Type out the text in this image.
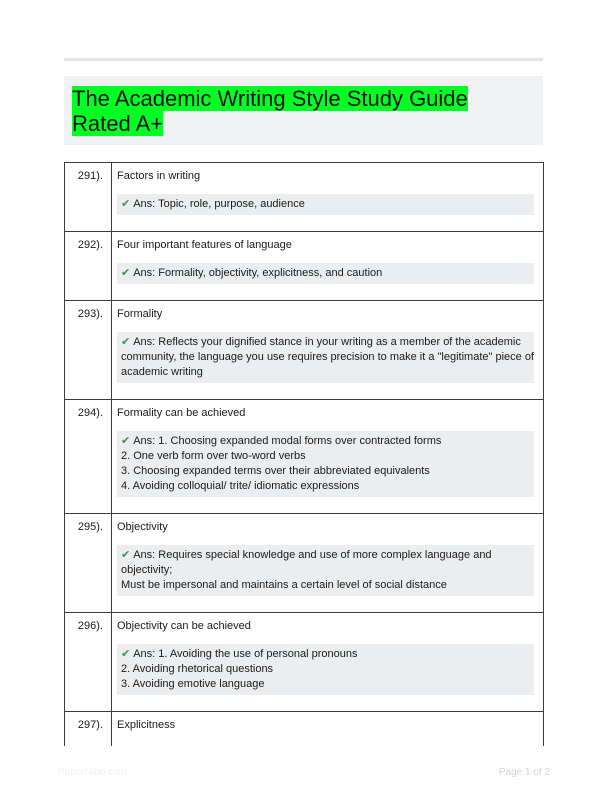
The Academic Writing Style Study Guide Rated A+
291).	Factors in writing
✔ Ans: Topic, role, purpose, audience
292).	Four important features of language
✔ Ans: Formality, objectivity, explicitness, and caution
293).	Formality
✔ Ans: Reflects your dignified stance in your writing as a member of the academic
community, the language you use requires precision to make it a "legitimate" piece of
academic writing
294).	Formality can be achieved
✔ Ans: 1. Choosing expanded modal forms over contracted forms
2. One verb form over two-word verbs
3. Choosing expanded terms over their abbreviated equivalents
4. Avoiding colloquial/ trite/ idiomatic expressions
295).	Objectivity
✔ Ans: Requires special knowledge and use of more complex language and
objectivity;
Must be impersonal and maintains a certain level of social distance
296).	Objectivity can be achieved
✔ Ans: 1. Avoiding the use of personal pronouns
2. Avoiding rhetorical questions
3. Avoiding emotive language
297).	Explicitness
PaperNibb.com	Page 1 of 2
